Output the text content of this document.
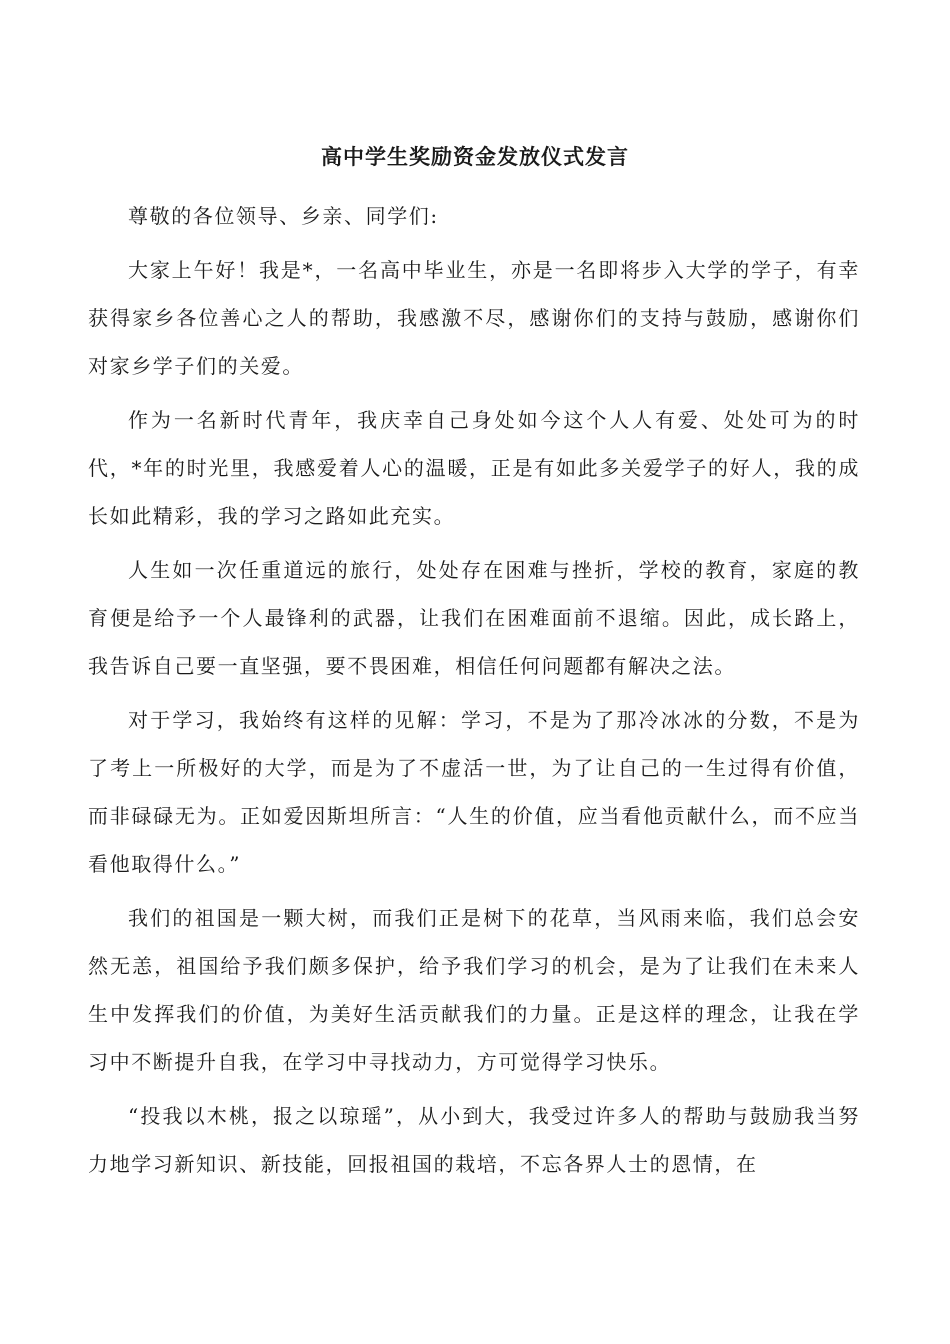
高中学生奖励资金发放仪式发言

尊敬的各位领导、乡亲、同学们:

大家上午好！我是*，一名高中毕业生，亦是一名即将步入大学的学子，有幸获得家乡各位善心之人的帮助，我感激不尽，感谢你们的支持与鼓励，感谢你们对家乡学子们的关爱。

作为一名新时代青年，我庆幸自己身处如今这个人人有爱、处处可为的时代，*年的时光里，我感爱着人心的温暖，正是有如此多关爱学子的好人，我的成长如此精彩，我的学习之路如此充实。

人生如一次任重道远的旅行，处处存在困难与挫折，学校的教育，家庭的教育便是给予一个人最锋利的武器，让我们在困难面前不退缩。因此，成长路上，我告诉自己要一直坚强，要不畏困难，相信任何问题都有解决之法。

对于学习，我始终有这样的见解：学习，不是为了那冷冰冰的分数，不是为了考上一所极好的大学，而是为了不虚活一世，为了让自己的一生过得有价值，而非碌碌无为。正如爱因斯坦所言：“人生的价值，应当看他贡献什么，而不应当看他取得什么。”

我们的祖国是一颗大树，而我们正是树下的花草，当风雨来临，我们总会安然无恙，祖国给予我们颇多保护，给予我们学习的机会，是为了让我们在未来人生中发挥我们的价值，为美好生活贡献我们的力量。正是这样的理念，让我在学习中不断提升自我，在学习中寻找动力，方可觉得学习快乐。

“投我以木桃，报之以琼瑶”，从小到大，我受过许多人的帮助与鼓励我当努力地学习新知识、新技能，回报祖国的栽培，不忘各界人士的恩情，在
